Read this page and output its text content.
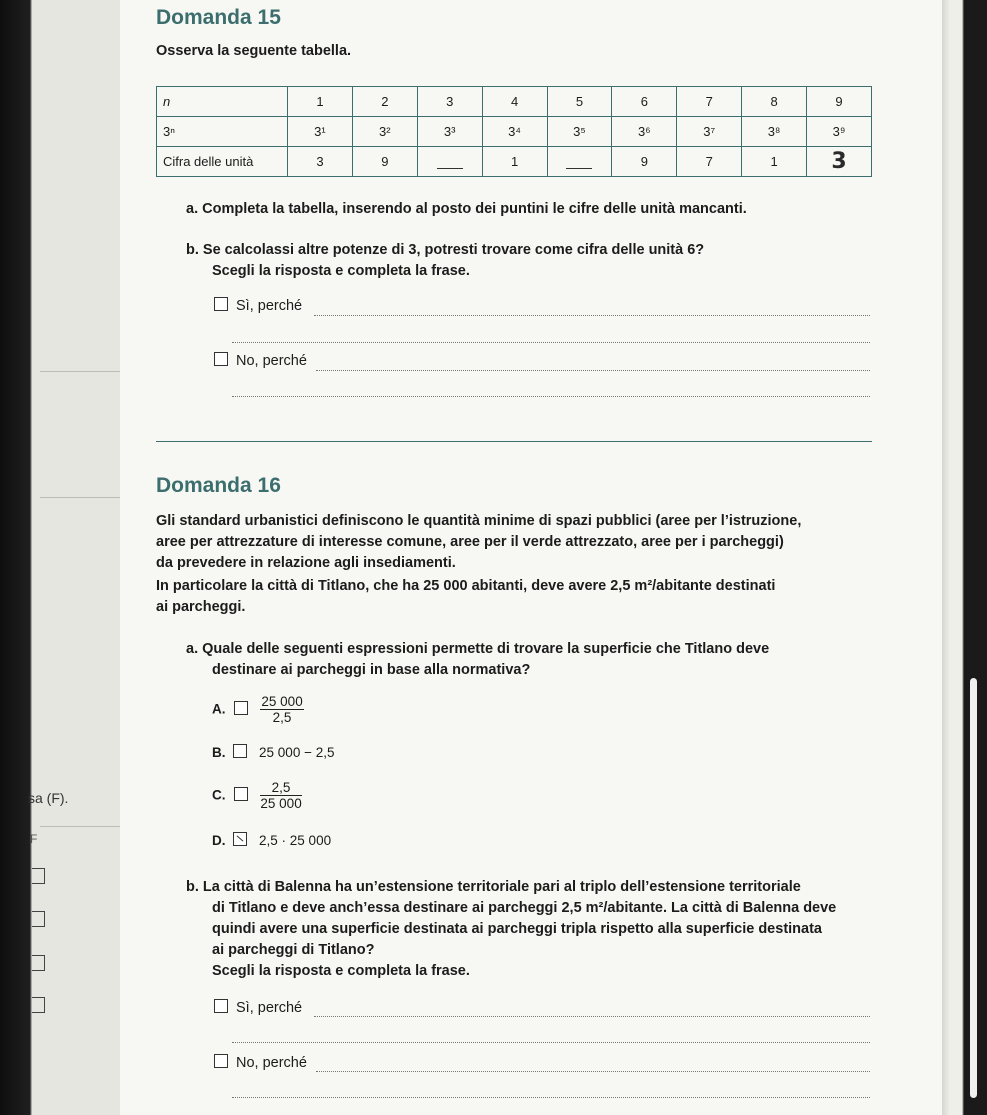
sa (F).
F
Domanda 15
Osserva la seguente tabella.
n	1	2	3	4	5	6	7	8	9
3ⁿ	3¹	3²	3³	3⁴	3⁵	3⁶	3⁷	3⁸	3⁹
Cifra delle unità	3	9		1		9	7	1	3
a. Completa la tabella, inserendo al posto dei puntini le cifre delle unità mancanti.
b. Se calcolassi altre potenze di 3, potresti trovare come cifra delle unità 6?
Scegli la risposta e completa la frase.
Sì, perché
No, perché
Domanda 16
Gli standard urbanistici definiscono le quantità minime di spazi pubblici (aree per l’istruzione,
aree per attrezzature di interesse comune, aree per il verde attrezzato, aree per i parcheggi)
da prevedere in relazione agli insediamenti.
In particolare la città di Titlano, che ha 25 000 abitanti, deve avere 2,5 m²/abitante destinati
ai parcheggi.
a. Quale delle seguenti espressioni permette di trovare la superficie che Titlano deve
destinare ai parcheggi in base alla normativa?
A.	$\frac{25 000}{2,5}$
B. 25 000 − 2,5
C.	$\frac{2,5}{25 000}$
D. 2,5 · 25 000
b. La città di Balenna ha un’estensione territoriale pari al triplo dell’estensione territoriale
di Titlano e deve anch’essa destinare ai parcheggi 2,5 m²/abitante. La città di Balenna deve
quindi avere una superficie destinata ai parcheggi tripla rispetto alla superficie destinata
ai parcheggi di Titlano?
Scegli la risposta e completa la frase.
Sì, perché
No, perché
